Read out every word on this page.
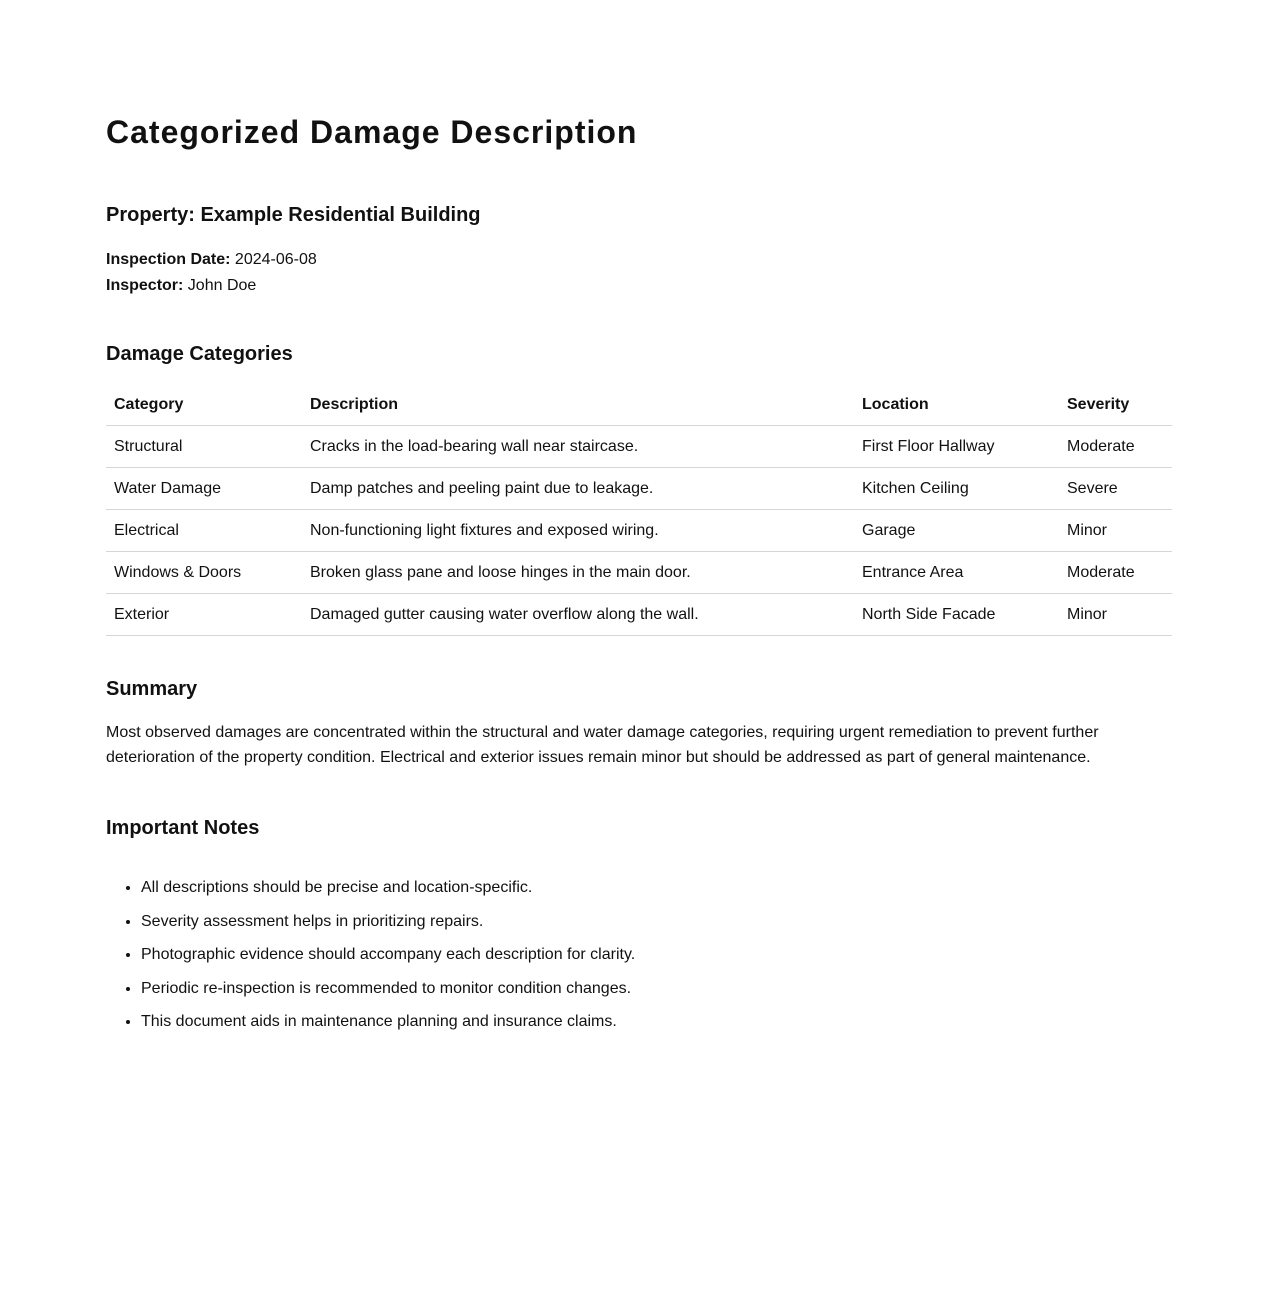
Categorized Damage Description
Property: Example Residential Building
Inspection Date: 2024-06-08
Inspector: John Doe
Damage Categories
Category	Description	Location	Severity
Structural	Cracks in the load-bearing wall near staircase.	First Floor Hallway	Moderate
Water Damage	Damp patches and peeling paint due to leakage.	Kitchen Ceiling	Severe
Electrical	Non-functioning light fixtures and exposed wiring.	Garage	Minor
Windows & Doors	Broken glass pane and loose hinges in the main door.	Entrance Area	Moderate
Exterior	Damaged gutter causing water overflow along the wall.	North Side Facade	Minor
Summary

Most observed damages are concentrated within the structural and water damage categories, requiring urgent remediation to prevent further deterioration of the property condition. Electrical and exterior issues remain minor but should be addressed as part of general maintenance.

Important Notes
• All descriptions should be precise and location-specific.
• Severity assessment helps in prioritizing repairs.
• Photographic evidence should accompany each description for clarity.
• Periodic re-inspection is recommended to monitor condition changes.
• This document aids in maintenance planning and insurance claims.
